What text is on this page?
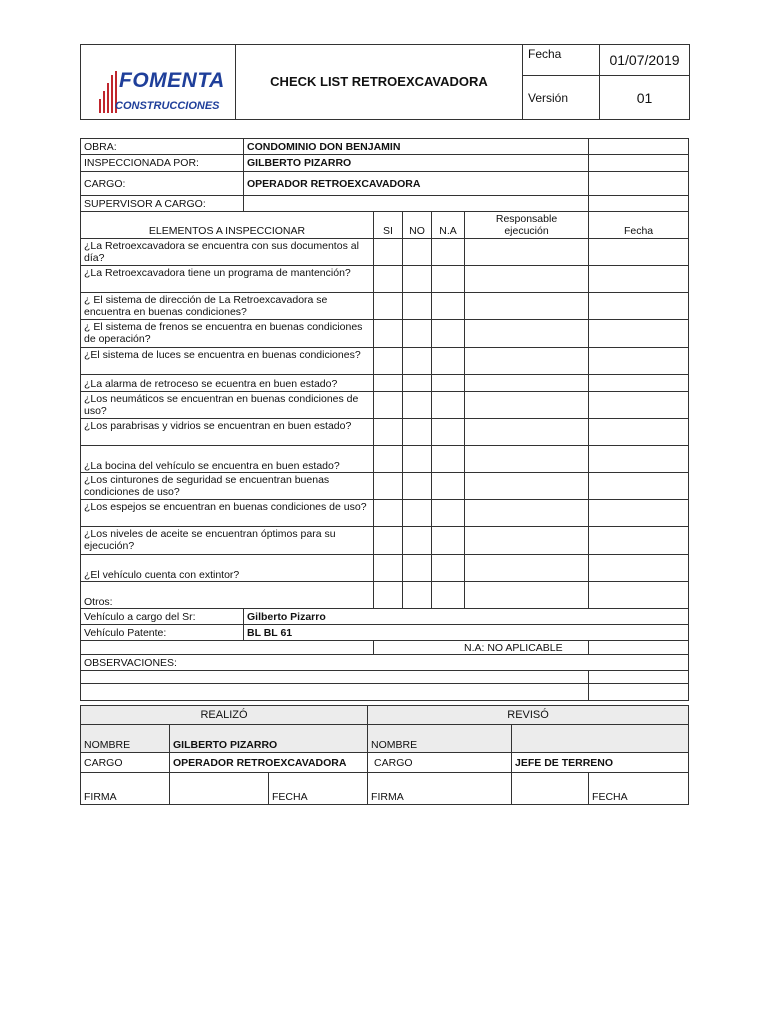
FOMENTA
CONSTRUCCIONES	CHECK LIST RETROEXCAVADORA	Fecha	01/07/2019
		Versión	01
OBRA:	CONDOMINIO DON BENJAMIN					
INSPECCIONADA POR:	GILBERTO PIZARRO					
CARGO:	OPERADOR RETROEXCAVADORA					
SUPERVISOR A CARGO:						
ELEMENTOS A INSPECCIONAR		SI	NO	N.A	Responsable ejecución	Fecha
¿La Retroexcavadora se encuentra con sus documentos al día?						
¿La Retroexcavadora tiene un programa de mantención?						
¿ El sistema de dirección de La Retroexcavadora se encuentra en buenas condiciones?						
¿ El sistema de frenos se encuentra en buenas condiciones de operación?						
¿El sistema de luces se encuentra en buenas condiciones?						
¿La alarma de retroceso se ecuentra en buen estado?						
¿Los neumáticos se encuentran en buenas condiciones de uso?						
¿Los parabrisas y vidrios se encuentran en buen estado?						
¿La bocina del vehículo se encuentra en buen estado?						
¿Los cinturones de seguridad se encuentran buenas condiciones de uso?						
¿Los espejos se encuentran en buenas condiciones de uso?						
¿Los niveles de aceite se encuentran óptimos para su ejecución?						
¿El vehículo cuenta con extintor?						
Otros:						
Vehículo a cargo del Sr:	Gilberto Pizarro					
Vehículo Patente:	BL BL 61					
		N.A: NO APLICABLE				
OBSERVACIONES:						

REALIZÓ			REVISÓ		
NOMBRE	GILBERTO PIZARRO		NOMBRE		
CARGO	OPERADOR RETROEXCAVADORA		CARGO	JEFE DE TERRENO	
FIRMA		FECHA	FIRMA		FECHA
